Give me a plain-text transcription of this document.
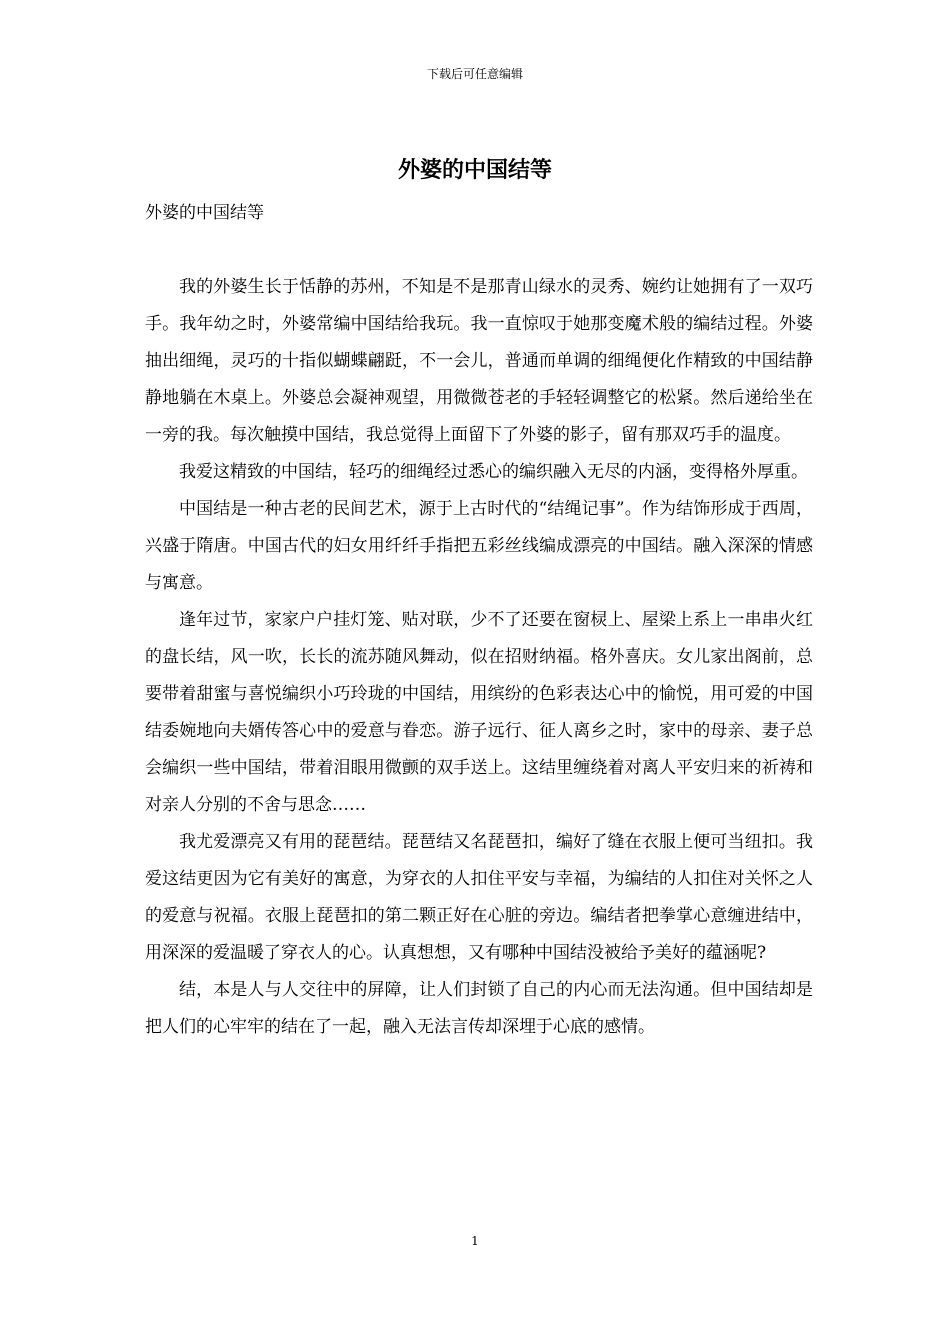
下载后可任意编辑
外婆的中国结等

外婆的中国结等

我的外婆生长于恬静的苏州，不知是不是那青山绿水的灵秀、婉约让她拥有了一双巧手。我年幼之时，外婆常编中国结给我玩。我一直惊叹于她那变魔术般的编结过程。外婆抽出细绳，灵巧的十指似蝴蝶翩跹，不一会儿，普通而单调的细绳便化作精致的中国结静静地躺在木桌上。外婆总会凝神观望，用微微苍老的手轻轻调整它的松紧。然后递给坐在一旁的我。每次触摸中国结，我总觉得上面留下了外婆的影子，留有那双巧手的温度。

我爱这精致的中国结，轻巧的细绳经过悉心的编织融入无尽的内涵，变得格外厚重。

中国结是一种古老的民间艺术，源于上古时代的“结绳记事”。作为结饰形成于西周，兴盛于隋唐。中国古代的妇女用纤纤手指把五彩丝线编成漂亮的中国结。融入深深的情感与寓意。

逢年过节，家家户户挂灯笼、贴对联，少不了还要在窗棂上、屋梁上系上一串串火红的盘长结，风一吹，长长的流苏随风舞动，似在招财纳福。格外喜庆。女儿家出阁前，总要带着甜蜜与喜悦编织小巧玲珑的中国结，用缤纷的色彩表达心中的愉悦，用可爱的中国结委婉地向夫婿传答心中的爱意与眷恋。游子远行、征人离乡之时，家中的母亲、妻子总会编织一些中国结，带着泪眼用微颤的双手送上。这结里缠绕着对离人平安归来的祈祷和对亲人分别的不舍与思念……

我尤爱漂亮又有用的琵琶结。琵琶结又名琵琶扣，编好了缝在衣服上便可当纽扣。我爱这结更因为它有美好的寓意，为穿衣的人扣住平安与幸福，为编结的人扣住对关怀之人的爱意与祝福。衣服上琵琶扣的第二颗正好在心脏的旁边。编结者把拳掌心意缠进结中，用深深的爱温暖了穿衣人的心。认真想想，又有哪种中国结没被给予美好的蕴涵呢?

结，本是人与人交往中的屏障，让人们封锁了自己的内心而无法沟通。但中国结却是把人们的心牢牢的结在了一起，融入无法言传却深埋于心底的感情。

1
